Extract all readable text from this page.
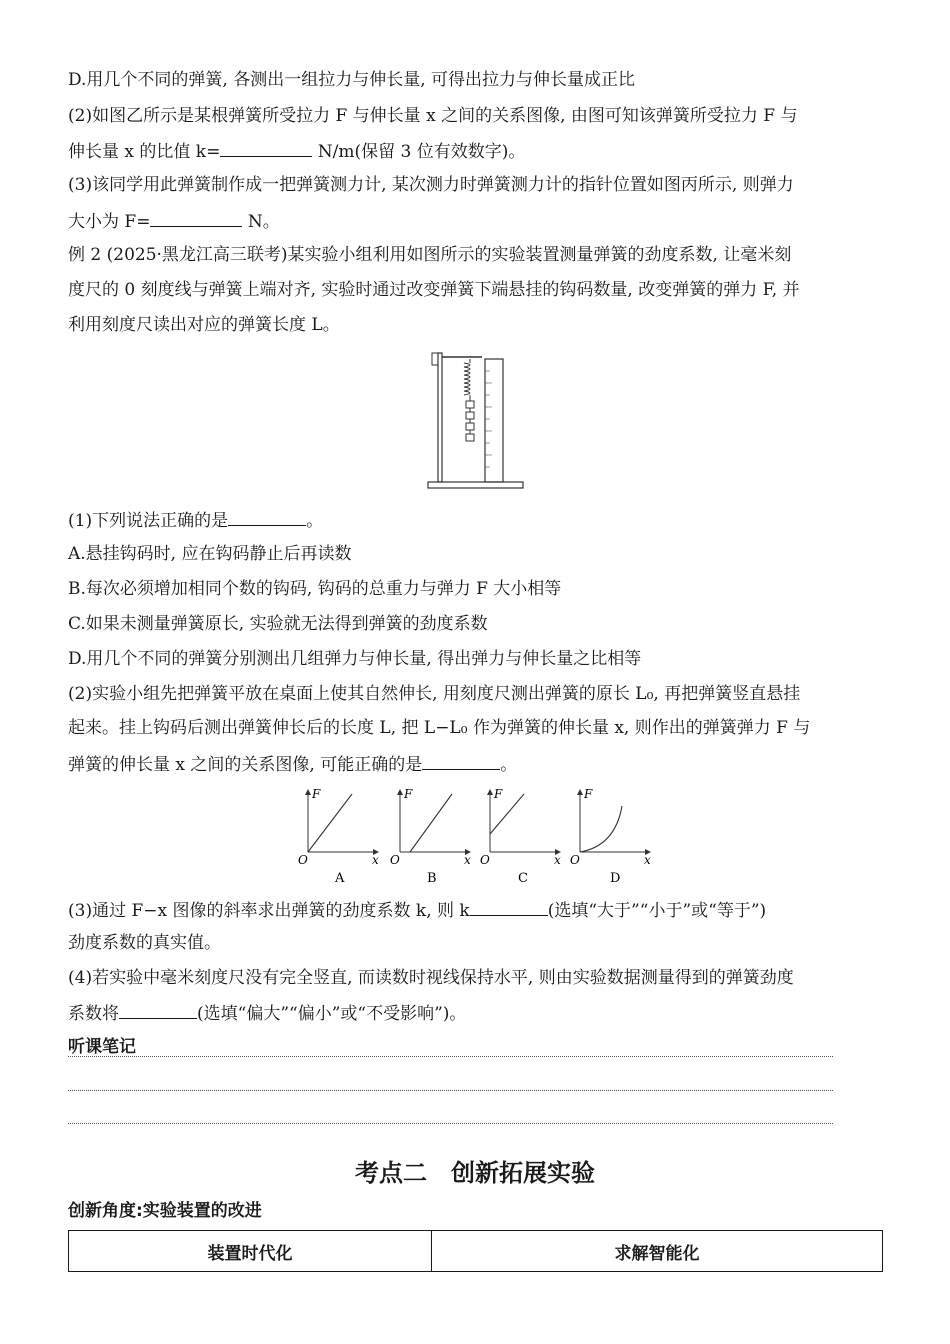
D.用几个不同的弹簧, 各测出一组拉力与伸长量, 可得出拉力与伸长量成正比
(2)如图乙所示是某根弹簧所受拉力 F 与伸长量 x 之间的关系图像, 由图可知该弹簧所受拉力 F 与
伸长量 x 的比值 k=	N/m(保留 3 位有效数字)。
(3)该同学用此弹簧制作成一把弹簧测力计, 某次测力时弹簧测力计的指针位置如图丙所示, 则弹力
大小为 F=	N。
例 2 (2025·黑龙江高三联考)某实验小组利用如图所示的实验装置测量弹簧的劲度系数, 让毫米刻
度尺的 0 刻度线与弹簧上端对齐, 实验时通过改变弹簧下端悬挂的钩码数量, 改变弹簧的弹力 F, 并
利用刻度尺读出对应的弹簧长度 L。
(1)下列说法正确的是	。
A.悬挂钩码时, 应在钩码静止后再读数
B.每次必须增加相同个数的钩码, 钩码的总重力与弹力 F 大小相等
C.如果未测量弹簧原长, 实验就无法得到弹簧的劲度系数
D.用几个不同的弹簧分别测出几组弹力与伸长量, 得出弹力与伸长量之比相等
(2)实验小组先把弹簧平放在桌面上使其自然伸长, 用刻度尺测出弹簧的原长 L₀, 再把弹簧竖直悬挂
起来。挂上钩码后测出弹簧伸长后的长度 L, 把 L−L₀ 作为弹簧的伸长量 x, 则作出的弹簧弹力 F 与
弹簧的伸长量 x 之间的关系图像, 可能正确的是	。
F
x
O
A
F
x
O
B
F
x
O
C
F
x
O
D
(3)通过 F−x 图像的斜率求出弹簧的劲度系数 k, 则 k	(选填“大于”“小于”或“等于”)
劲度系数的真实值。
(4)若实验中毫米刻度尺没有完全竖直, 而读数时视线保持水平, 则由实验数据测量得到的弹簧劲度
系数将	(选填“偏大”“偏小”或“不受影响”)。
听课笔记
考点二　创新拓展实验
创新角度:实验装置的改进
装置时代化	求解智能化
